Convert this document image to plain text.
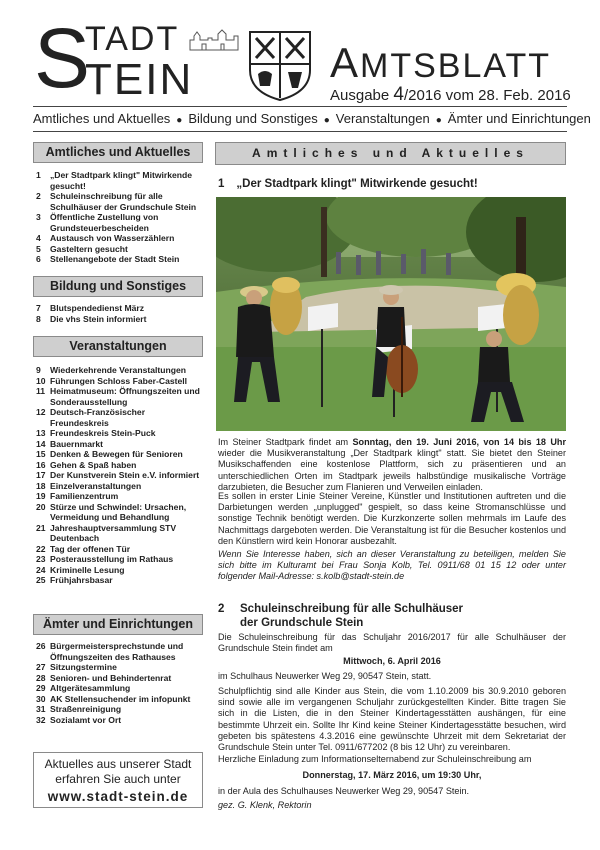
S
TADT
TEIN	AMTSBLATT
Ausgabe 4/2016 vom 28. Feb. 2016
Amtliches und Aktuelles ● Bildung und Sonstiges ● Veranstaltungen ● Ämter und Einrichtungen
Amtliches und Aktuelles
1	„Der Stadtpark klingt" Mitwirkende gesucht!
2	Schuleinschreibung für alle Schulhäuser der Grundschule Stein
3	Öffentliche Zustellung von Grundsteuerbescheiden
4	Austausch von Wasserzählern
5	Gasteltern gesucht
6	Stellenangebote der Stadt Stein
Bildung und Sonstiges
7	Blutspendedienst März
8	Die vhs Stein informiert
Veranstaltungen
9	Wiederkehrende Veranstaltungen
10 Führungen Schloss Faber-Castell
11 Heimatmuseum: Öffnungszeiten und Sonderausstellung
12 Deutsch-Französischer Freundeskreis
13 Freundeskreis Stein-Puck
14 Bauernmarkt
15 Denken & Bewegen für Senioren
16 Gehen & Spaß haben
17 Der Kunstverein Stein e.V. informiert
18 Einzelveranstaltungen
19 Familienzentrum
20 Stürze und Schwindel: Ursachen, Vermeidung und Behandlung
21 Jahreshauptversammlung STV Deutenbach
22 Tag der offenen Tür
23 Posterausstellung im Rathaus
24 Kriminelle Lesung
25 Frühjahrsbasar
Ämter und Einrichtungen
26 Bürgermeistersprechstunde und Öffnungszeiten des Rathauses
27 Sitzungstermine
28 Senioren- und Behindertenrat
29 Altgerätesammlung
30 AK Stellensuchender im infopunkt
31 Straßenreinigung
32 Sozialamt vor Ort
Aktuelles aus unserer Stadt
erfahren Sie auch unter
www.stadt-stein.de
Amtliches und Aktuelles
1 „Der Stadtpark klingt" Mitwirkende gesucht!
Im Steiner Stadtpark findet am Sonntag, den 19. Juni 2016, von 14 bis 18 Uhr wieder die Musikveranstaltung „Der Stadtpark klingt" statt. Sie bietet den Steiner Musikschaffenden eine kostenlose Plattform, sich zu präsentieren und an unterschiedlichen Orten im Stadtpark jeweils halbstündige musikalische Vorträge darzubieten, die Besucher zum Flanieren und Verweilen einladen.
Es sollen in erster Linie Steiner Vereine, Künstler und Institutionen auftreten und die Darbietungen werden „unplugged" gespielt, so dass keine Stromanschlüsse und sonstige Technik benötigt werden. Die Kurzkonzerte sollen mehrmals im Laufe des Nachmittags dargeboten werden. Die Veranstaltung ist für die Besucher kostenlos und den Künstlern wird kein Honorar ausbezahlt.
Wenn Sie Interesse haben, sich an dieser Veranstaltung zu beteiligen, melden Sie sich bitte im Kulturamt bei Frau Sonja Kolb, Tel. 0911/68 01 15 12 oder unter folgender Mail-Adresse: s.kolb@stadt-stein.de
2 Schuleinschreibung für alle Schulhäuser
der Grundschule Stein
Die Schuleinschreibung für das Schuljahr 2016/2017 für alle Schulhäuser der Grundschule Stein findet am
Mittwoch, 6. April 2016
im Schulhaus Neuwerker Weg 29, 90547 Stein, statt.
Schulpflichtig sind alle Kinder aus Stein, die vom 1.10.2009 bis 30.9.2010 geboren sind sowie alle im vergangenen Schuljahr zurückgestellten Kinder. Bitte tragen Sie sich in die Listen, die in den Steiner Kindertagesstätten aushängen, für eine bestimmte Uhrzeit ein. Sollte Ihr Kind keine Steiner Kindertagesstätte besuchen, wird gebeten bis spätestens 4.3.2016 eine gewünschte Uhrzeit mit dem Sekretariat der Grundschule Stein unter Tel. 0911/677202 (8 bis 12 Uhr) zu vereinbaren.
Herzliche Einladung zum Informationselternabend zur Schuleinschreibung am
Donnerstag, 17. März 2016, um 19:30 Uhr,
in der Aula des Schulhauses Neuwerker Weg 29, 90547 Stein.
gez. G. Klenk, Rektorin
